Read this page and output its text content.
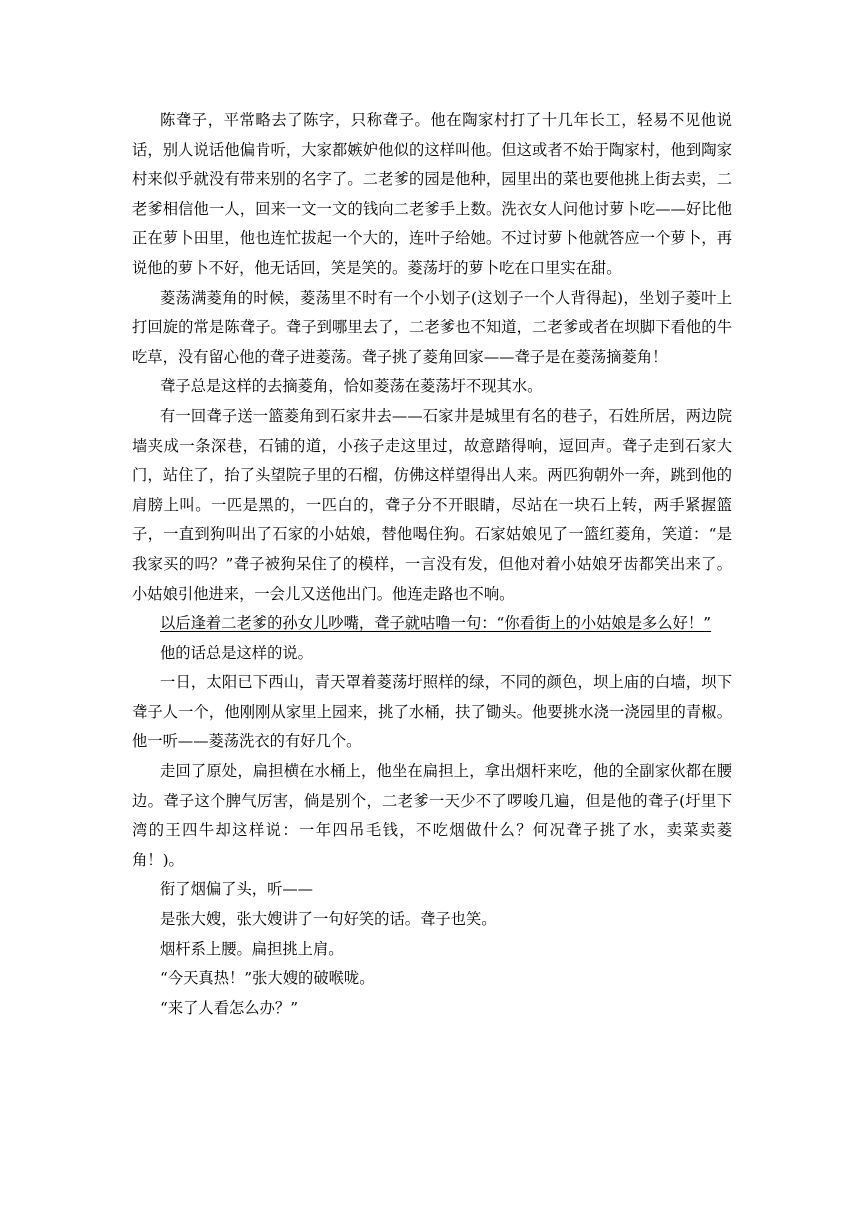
陈聋子，平常略去了陈字，只称聋子。他在陶家村打了十几年长工，轻易不见他说话，别人说话他偏肯听，大家都嫉妒他似的这样叫他。但这或者不始于陶家村，他到陶家村来似乎就没有带来别的名字了。二老爹的园是他种，园里出的菜也要他挑上街去卖，二老爹相信他一人，回来一文一文的钱向二老爹手上数。洗衣女人问他讨萝卜吃——好比他正在萝卜田里，他也连忙拔起一个大的，连叶子给她。不过讨萝卜他就答应一个萝卜，再说他的萝卜不好，他无话回，笑是笑的。菱荡圩的萝卜吃在口里实在甜。

菱荡满菱角的时候，菱荡里不时有一个小划子(这划子一个人背得起)，坐划子菱叶上打回旋的常是陈聋子。聋子到哪里去了，二老爹也不知道，二老爹或者在坝脚下看他的牛吃草，没有留心他的聋子进菱荡。聋子挑了菱角回家——聋子是在菱荡摘菱角！

聋子总是这样的去摘菱角，恰如菱荡在菱荡圩不现其水。

有一回聋子送一篮菱角到石家井去——石家井是城里有名的巷子，石姓所居，两边院墙夹成一条深巷，石铺的道，小孩子走这里过，故意踏得响，逗回声。聋子走到石家大门，站住了，抬了头望院子里的石榴，仿佛这样望得出人来。两匹狗朝外一奔，跳到他的肩膀上叫。一匹是黑的，一匹白的，聋子分不开眼睛，尽站在一块石上转，两手紧握篮子，一直到狗叫出了石家的小姑娘，替他喝住狗。石家姑娘见了一篮红菱角，笑道：“是我家买的吗？”聋子被狗呆住了的模样，一言没有发，但他对着小姑娘牙齿都笑出来了。小姑娘引他进来，一会儿又送他出门。他连走路也不响。

以后逢着二老爹的孙女儿吵嘴，聋子就咕噜一句：“你看街上的小姑娘是多么好！”

他的话总是这样的说。

一日，太阳已下西山，青天罩着菱荡圩照样的绿，不同的颜色，坝上庙的白墙，坝下聋子人一个，他刚刚从家里上园来，挑了水桶，扶了锄头。他要挑水浇一浇园里的青椒。他一听——菱荡洗衣的有好几个。

走回了原处，扁担横在水桶上，他坐在扁担上，拿出烟杆来吃，他的全副家伙都在腰边。聋子这个脾气厉害，倘是别个，二老爹一天少不了啰唆几遍，但是他的聋子(圩里下湾的王四牛却这样说：一年四吊毛钱，不吃烟做什么？何况聋子挑了水，卖菜卖菱角！)。

衔了烟偏了头，听——

是张大嫂，张大嫂讲了一句好笑的话。聋子也笑。

烟杆系上腰。扁担挑上肩。

“今天真热！”张大嫂的破喉咙。

“来了人看怎么办？”
